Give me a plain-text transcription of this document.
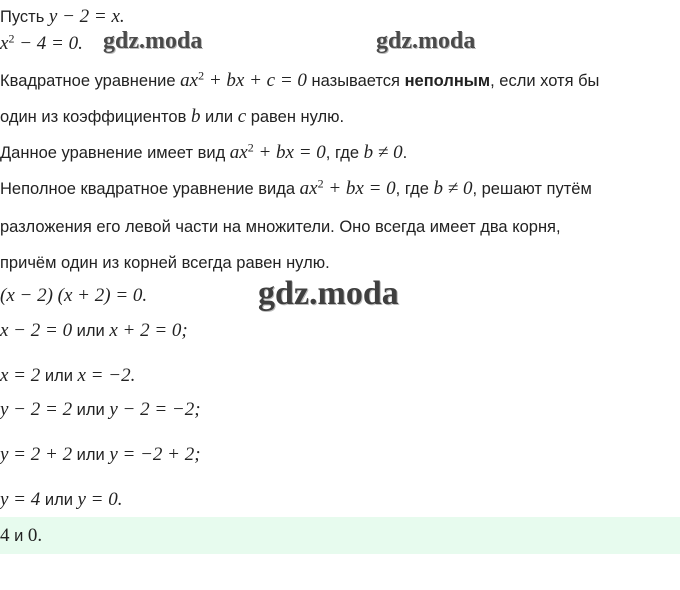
Пусть y − 2 = x.
$x^2 - 4 = 0$. gdz.moda	gdz.moda
Квадратное уравнение $ax^2$ + bx + c = 0 называется неполным, если хотя бы
один из коэффициентов b или c равен нулю.
Данное уравнение имеет вид $ax^2$ + bx = 0, где b ≠ 0.
Неполное квадратное уравнение вида $ax^2$ + bx = 0, где b ≠ 0, решают путём
разложения его левой части на множители. Оно всегда имеет два корня,
причём один из корней всегда равен нулю.
(x − 2) (x + 2) = 0.	gdz.moda
x − 2 = 0 или x + 2 = 0;
x = 2 или x = −2.
y − 2 = 2 или y − 2 = −2;
y = 2 + 2 или y = −2 + 2;
y = 4 или y = 0.
4 и 0.
